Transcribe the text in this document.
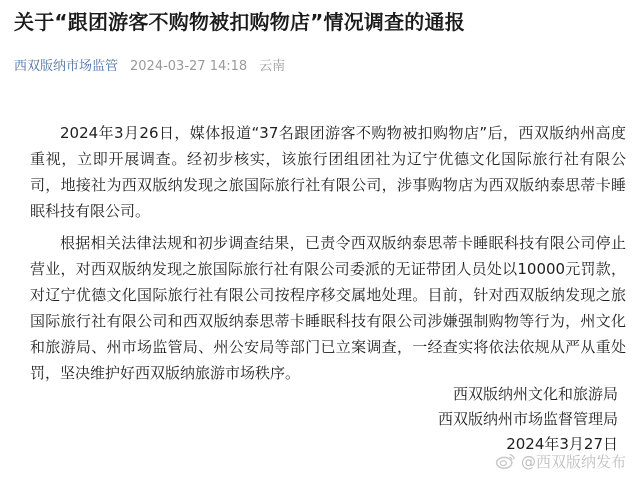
关于“跟团游客不购物被扣购物店”情况调查的通报
西双版纳市场监管 2024-03-27 14:18 云南

2024年3月26日，媒体报道“37名跟团游客不购物被扣购物店”后，西双版纳州高度重视，立即开展调查。经初步核实，该旅行团组团社为辽宁优德文化国际旅行社有限公司，地接社为西双版纳发现之旅国际旅行社有限公司，涉事购物店为西双版纳泰思蒂卡睡眠科技有限公司。

根据相关法律法规和初步调查结果，已责令西双版纳泰思蒂卡睡眠科技有限公司停止营业，对西双版纳发现之旅国际旅行社有限公司委派的无证带团人员处以10000元罚款，对辽宁优德文化国际旅行社有限公司按程序移交属地处理。目前，针对西双版纳发现之旅国际旅行社有限公司和西双版纳泰思蒂卡睡眠科技有限公司涉嫌强制购物等行为，州文化和旅游局、州市场监管局、州公安局等部门已立案调查，一经查实将依法依规从严从重处罚，坚决维护好西双版纳旅游市场秩序。

西双版纳州文化和旅游局
西双版纳州市场监督管理局
2024年3月27日
@西双版纳发布
